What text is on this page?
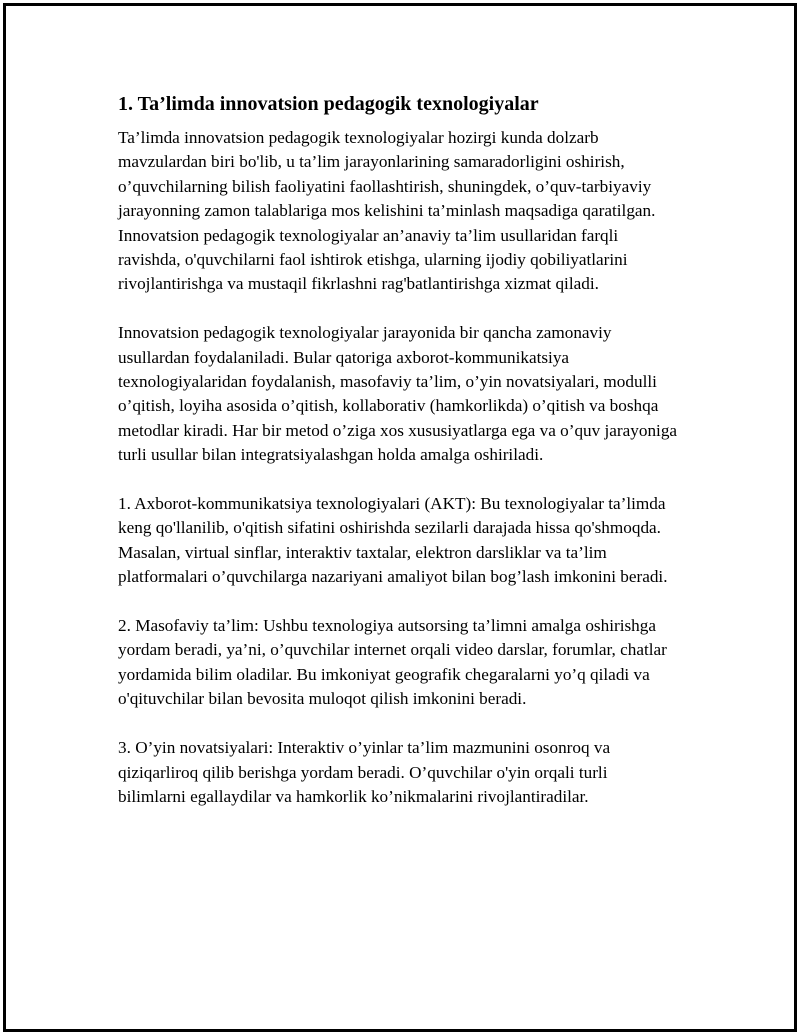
1. Ta’limda innovatsion pedagogik texnologiyalar

Ta’limda innovatsion pedagogik texnologiyalar hozirgi kunda dolzarb mavzulardan biri bo'lib, u ta’lim jarayonlarining samaradorligini oshirish, o’quvchilarning bilish faoliyatini faollashtirish, shuningdek, o’quv-tarbiyaviy jarayonning zamon talablariga mos kelishini ta’minlash maqsadiga qaratilgan. Innovatsion pedagogik texnologiyalar an’anaviy ta’lim usullaridan farqli ravishda, o'quvchilarni faol ishtirok etishga, ularning ijodiy qobiliyatlarini rivojlantirishga va mustaqil fikrlashni rag'batlantirishga xizmat qiladi.

Innovatsion pedagogik texnologiyalar jarayonida bir qancha zamonaviy usullardan foydalaniladi. Bular qatoriga axborot-kommunikatsiya texnologiyalaridan foydalanish, masofaviy ta’lim, o’yin novatsiyalari, modulli o’qitish, loyiha asosida o’qitish, kollaborativ (hamkorlikda) o’qitish va boshqa metodlar kiradi. Har bir metod o’ziga xos xususiyatlarga ega va o’quv jarayoniga turli usullar bilan integratsiyalashgan holda amalga oshiriladi.

1. Axborot-kommunikatsiya texnologiyalari (AKT): Bu texnologiyalar ta’limda keng qo'llanilib, o'qitish sifatini oshirishda sezilarli darajada hissa qo'shmoqda. Masalan, virtual sinflar, interaktiv taxtalar, elektron darsliklar va ta’lim platformalari o’quvchilarga nazariyani amaliyot bilan bog’lash imkonini beradi.

2. Masofaviy ta’lim: Ushbu texnologiya autsorsing ta’limni amalga oshirishga yordam beradi, ya’ni, o’quvchilar internet orqali video darslar, forumlar, chatlar yordamida bilim oladilar. Bu imkoniyat geografik chegaralarni yo’q qiladi va o'qituvchilar bilan bevosita muloqot qilish imkonini beradi.

3. O’yin novatsiyalari: Interaktiv o’yinlar ta’lim mazmunini osonroq va qiziqarliroq qilib berishga yordam beradi. O’quvchilar o'yin orqali turli bilimlarni egallaydilar va hamkorlik ko’nikmalarini rivojlantiradilar.
